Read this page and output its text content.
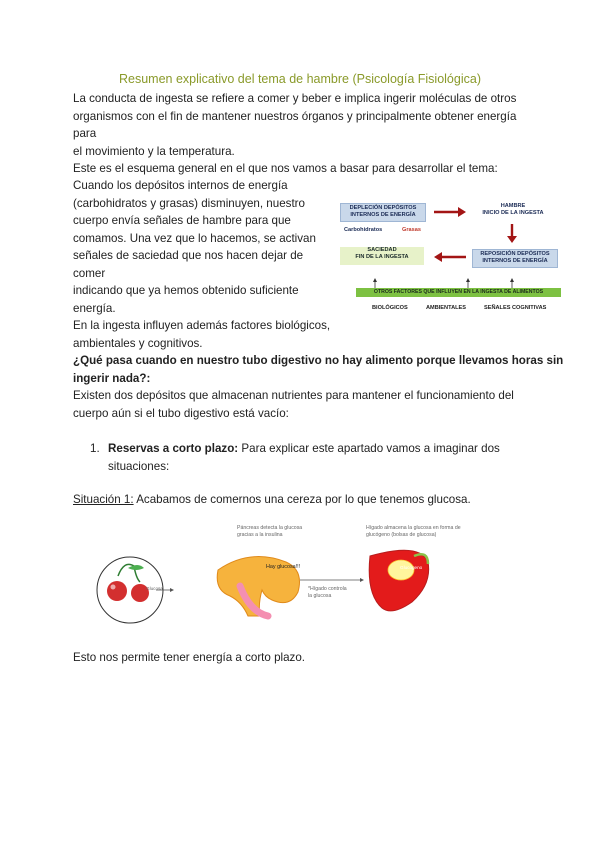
Resumen explicativo del tema de hambre (Psicología Fisiológica)
La conducta de ingesta se refiere a comer y beber e implica ingerir moléculas de otros
organismos con el fin de mantener nuestros órganos y principalmente obtener energía para
el movimiento y la temperatura.
Este es el esquema general en el que nos vamos a basar para desarrollar el tema:
Cuando los depósitos internos de energía
(carbohidratos y grasas) disminuyen, nuestro
cuerpo envía señales de hambre para que
comamos. Una vez que lo hacemos, se activan
señales de saciedad que nos hacen dejar de comer
indicando que ya hemos obtenido suficiente
energía.
En la ingesta influyen además factores biológicos,
ambientales y cognitivos.
DEPLECIÓN DEPÓSITOS INTERNOS DE ENERGÍA
Carbohidratos	Grasas
HAMBRE
INICIO DE LA INGESTA
SACIEDAD
FIN DE LA INGESTA	REPOSICIÓN DEPÓSITOS INTERNOS DE ENERGÍA
OTROS FACTORES QUE INFLUYEN EN LA INGESTA DE ALIMENTOS
BIOLÓGICOS	AMBIENTALES	SEÑALES COGNITIVAS
¿Qué pasa cuando en nuestro tubo digestivo no hay alimento porque llevamos horas sin
ingerir nada?:
Existen dos depósitos que almacenan nutrientes para mantener el funcionamiento del
cuerpo aún si el tubo digestivo está vacío:
1. Reservas a corto plazo: Para explicar este apartado vamos a imaginar dos
situaciones:
Situación 1: Acabamos de comernos una cereza por lo que tenemos glucosa.
Glucosa
Páncreas detecta la glucosa
gracias a la insulina
Hay glucosa!!!
*Hígado controla
la glucosa
Hígado almacena la glucosa en forma de
glucógeno (bolsas de glucosa)
Glucógeno
Esto nos permite tener energía a corto plazo.
